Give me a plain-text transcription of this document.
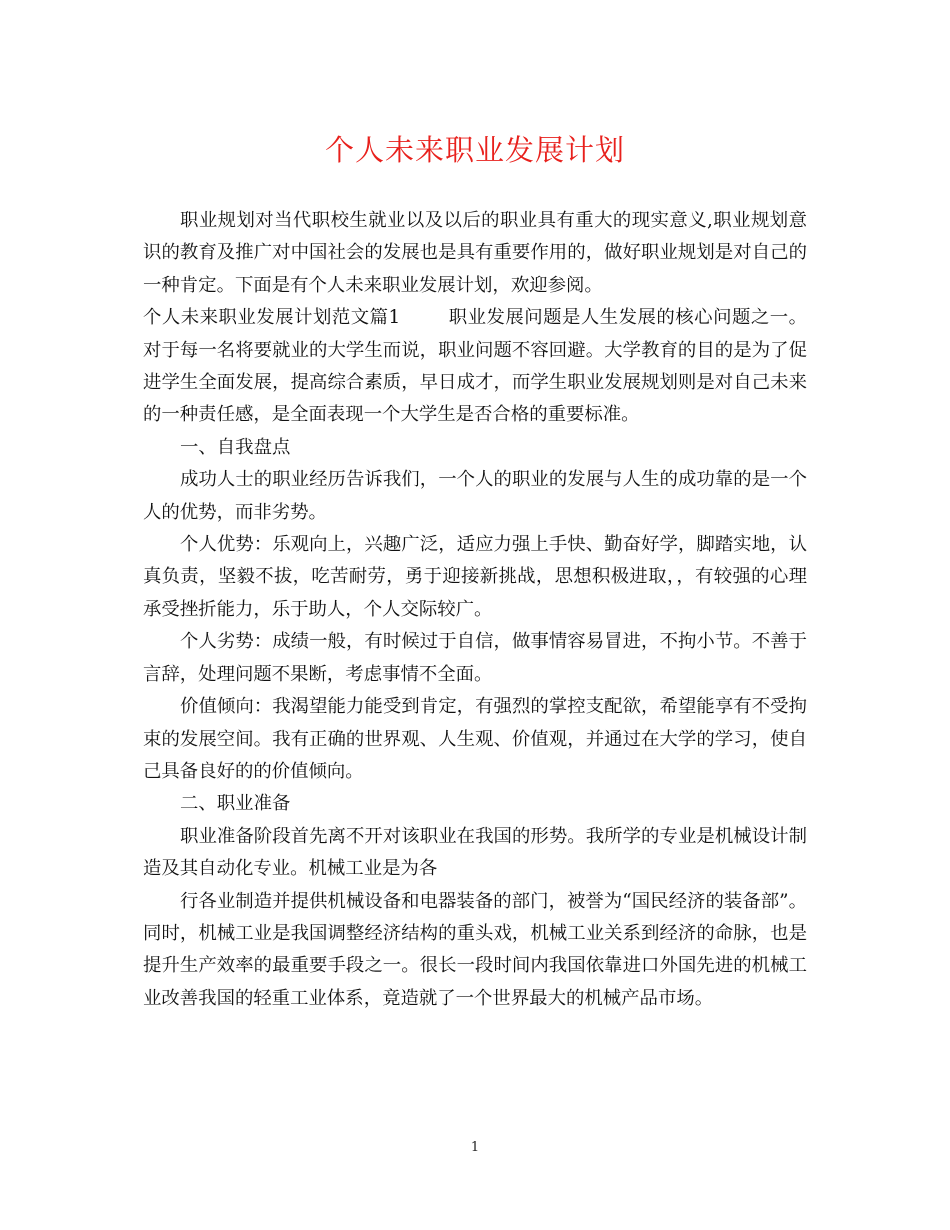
个人未来职业发展计划

职业规划对当代职校生就业以及以后的职业具有重大的现实意义,职业规划意识的教育及推广对中国社会的发展也是具有重要作用的，做好职业规划是对自己的一种肯定。下面是有个人未来职业发展计划，欢迎参阅。

个人未来职业发展计划范文篇1	职业发展问题是人生发展的核心问题之一。对于每一名将要就业的大学生而说，职业问题不容回避。大学教育的目的是为了促进学生全面发展，提高综合素质，早日成才，而学生职业发展规划则是对自己未来的一种责任感，是全面表现一个大学生是否合格的重要标准。

一、自我盘点

成功人士的职业经历告诉我们，一个人的职业的发展与人生的成功靠的是一个人的优势，而非劣势。

个人优势：乐观向上，兴趣广泛，适应力强上手快、勤奋好学，脚踏实地，认真负责，坚毅不拔，吃苦耐劳，勇于迎接新挑战，思想积极进取，，有较强的心理承受挫折能力，乐于助人，个人交际较广。

个人劣势：成绩一般，有时候过于自信，做事情容易冒进，不拘小节。不善于言辞，处理问题不果断，考虑事情不全面。

价值倾向：我渴望能力能受到肯定，有强烈的掌控支配欲，希望能享有不受拘束的发展空间。我有正确的世界观、人生观、价值观，并通过在大学的学习，使自己具备良好的的价值倾向。

二、职业准备

职业准备阶段首先离不开对该职业在我国的形势。我所学的专业是机械设计制造及其自动化专业。机械工业是为各

行各业制造并提供机械设备和电器装备的部门，被誉为“国民经济的装备部”。同时，机械工业是我国调整经济结构的重头戏，机械工业关系到经济的命脉，也是提升生产效率的最重要手段之一。很长一段时间内我国依靠进口外国先进的机械工业改善我国的轻重工业体系，竟造就了一个世界最大的机械产品市场。

1
